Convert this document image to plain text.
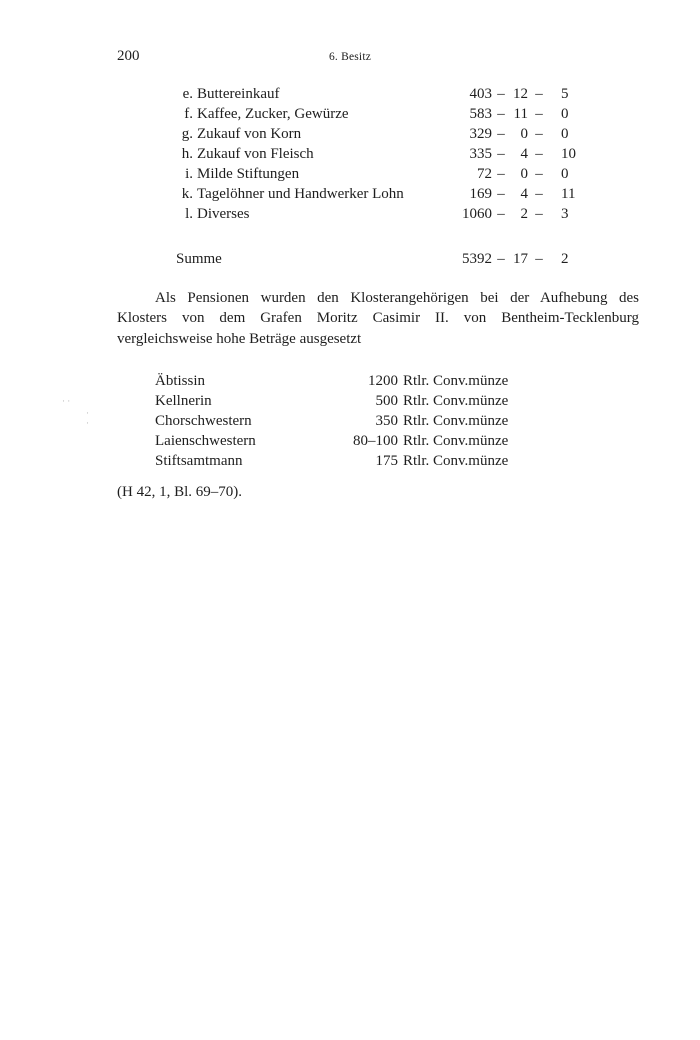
200	6. Besitz
e. Buttereinkauf	403 – 12 – 5
f. Kaffee, Zucker, Gewürze	583 – 11 – 0
g. Zukauf von Korn	329 –	0 – 0
h. Zukauf von Fleisch	335 –	4 – 10
i. Milde Stiftungen	72 –	0 – 0
k. Tagelöhner und Handwerker Lohn	169 –	4 – 11
l. Diverses	1060 –	2 – 3
Summe	5392 – 17 – 2

Als Pensionen wurden den Klosterangehörigen bei der Aufhebung des

Klosters von dem Grafen Moritz Casimir II. von Bentheim-Tecklenburg

vergleichsweise hohe Beträge ausgesetzt

Äbtissin	1200 Rtlr. Conv.münze
Kellnerin	500 Rtlr. Conv.münze
Chorschwestern	350 Rtlr. Conv.münze
Laienschwestern	80–100 Rtlr. Conv.münze
Stiftsamtmann	175 Rtlr. Conv.münze
(H 42, 1, Bl. 69–70).
· ·
·
·
